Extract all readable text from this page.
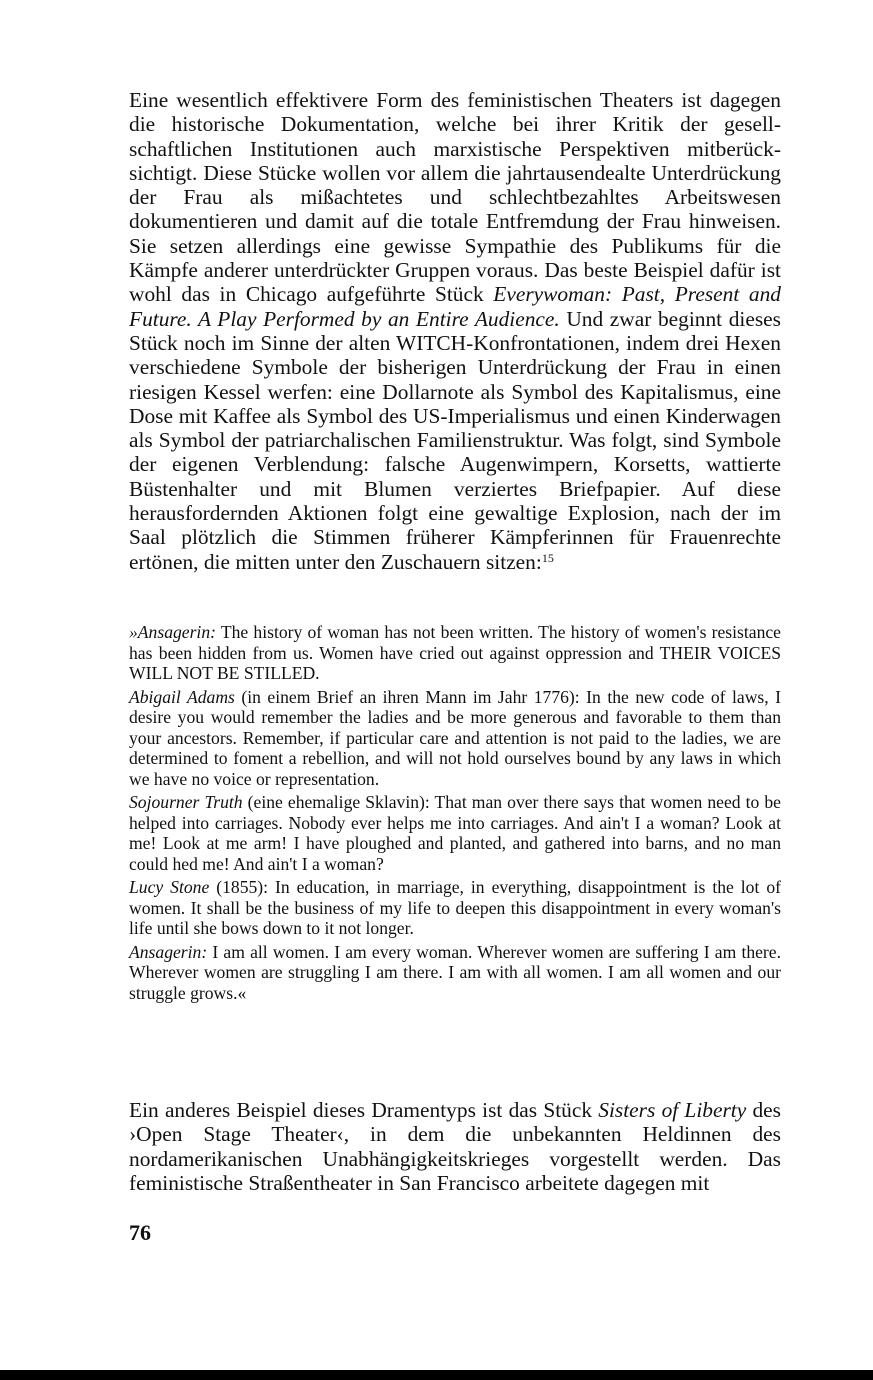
Eine wesentlich effektivere Form des feministischen Theaters ist dagegen die historische Dokumentation, welche bei ihrer Kritik der gesellschaftlichen Institutionen auch marxistische Perspektiven mitberücksichtigt. Diese Stücke wollen vor allem die jahrtausendealte Unterdrückung der Frau als mißachtetes und schlechtbezahltes Arbeitswesen dokumentieren und damit auf die totale Entfremdung der Frau hinweisen. Sie setzen allerdings eine gewisse Sympathie des Publikums für die Kämpfe anderer unterdrückter Gruppen voraus. Das beste Beispiel dafür ist wohl das in Chicago aufgeführte Stück Everywoman: Past, Present and Future. A Play Performed by an Entire Audience. Und zwar beginnt dieses Stück noch im Sinne der alten WITCH-Konfrontationen, indem drei Hexen verschiedene Symbole der bisherigen Unterdrückung der Frau in einen riesigen Kessel werfen: eine Dollarnote als Symbol des Kapitalismus, eine Dose mit Kaffee als Symbol des US-Imperialismus und einen Kinderwagen als Symbol der patriarchalischen Familienstruktur. Was folgt, sind Symbole der eigenen Verblendung: falsche Augenwimpern, Korsetts, wattierte Büstenhalter und mit Blumen verziertes Briefpapier. Auf diese herausfordernden Aktionen folgt eine gewaltige Explosion, nach der im Saal plötzlich die Stimmen früherer Kämpferinnen für Frauenrechte ertönen, die mitten unter den Zuschauern sitzen:$^{15}$

»Ansagerin: The history of woman has not been written. The history of women's resistance has been hidden from us. Women have cried out against oppression and THEIR VOICES WILL NOT BE STILLED.

Abigail Adams (in einem Brief an ihren Mann im Jahr 1776): In the new code of laws, I desire you would remember the ladies and be more generous and favorable to them than your ancestors. Remember, if particular care and attention is not paid to the ladies, we are determined to foment a rebellion, and will not hold ourselves bound by any laws in which we have no voice or representation.

Sojourner Truth (eine ehemalige Sklavin): That man over there says that women need to be helped into carriages. Nobody ever helps me into carriages. And ain't I a woman? Look at me! Look at me arm! I have ploughed and planted, and gathered into barns, and no man could hed me! And ain't I a woman?

Lucy Stone (1855): In education, in marriage, in everything, disappointment is the lot of women. It shall be the business of my life to deepen this disappointment in every woman's life until she bows down to it not longer.

Ansagerin: I am all women. I am every woman. Wherever women are suffering I am there. Wherever women are struggling I am there. I am with all women. I am all women and our struggle grows.«

Ein anderes Beispiel dieses Dramentyps ist das Stück Sisters of Liberty des ›Open Stage Theater‹, in dem die unbekannten Heldinnen des nordamerikanischen Unabhängigkeitskrieges vorgestellt werden. Das feministische Straßentheater in San Francisco arbeitete dagegen mit

76
